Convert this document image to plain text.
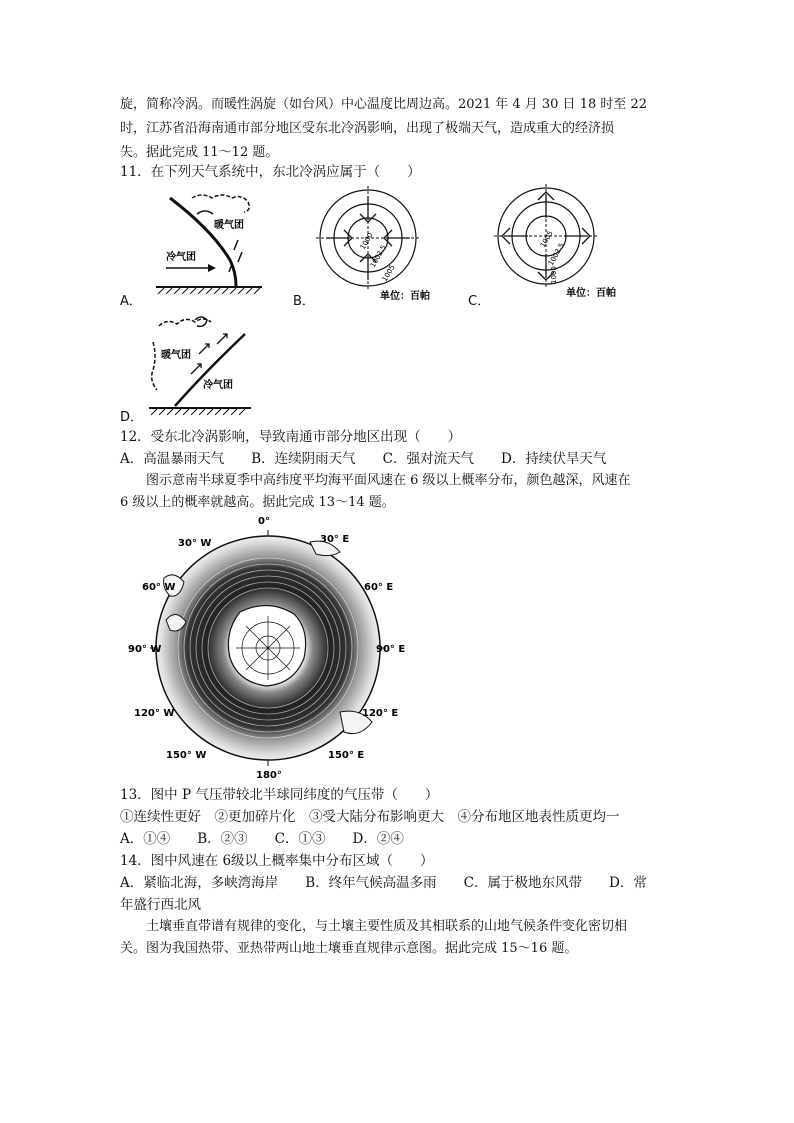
旋，简称冷涡。而暖性涡旋（如台风）中心温度比周边高。2021 年 4 月 30 日 18 时至 22
时，江苏省沿海南通市部分地区受东北冷涡影响，出现了极端天气，造成重大的经济损
失。据此完成 11～12 题。
11．在下列天气系统中，东北冷涡应属于（　　）
A．
暖气团
冷气团
B．
1000
1002.5
1005
单位：百帕	C．
1005
1002.5
1000
单位：百帕
D．
暖气团
冷气团
12．受东北冷涡影响，导致南通市部分地区出现（　　）
A．高温暴雨天气　　B．连续阴雨天气　　C．强对流天气　　D．持续伏旱天气
图示意南半球夏季中高纬度平均海平面风速在 6 级以上概率分布，颜色越深，风速在
6 级以上的概率就越高。据此完成 13～14 题。
0°
30° W	30° E
60° W	60° E
90° W	90° E
120° W	120° E
150° W	150° E
180°
13．图中 P 气压带较北半球同纬度的气压带（　　）
①连续性更好　②更加碎片化　③受大陆分布影响更大　④分布地区地表性质更均一
A．①④　　B．②③　　C．①③　　D．②④
14．图中风速在 6级以上概率集中分布区域（　　）
A．紧临北海，多峡湾海岸　　B．终年气候高温多雨　　C．属于极地东风带　　D．常
年盛行西北风
土壤垂直带谱有规律的变化，与土壤主要性质及其相联系的山地气候条件变化密切相
关。图为我国热带、亚热带两山地土壤垂直规律示意图。据此完成 15～16 题。
